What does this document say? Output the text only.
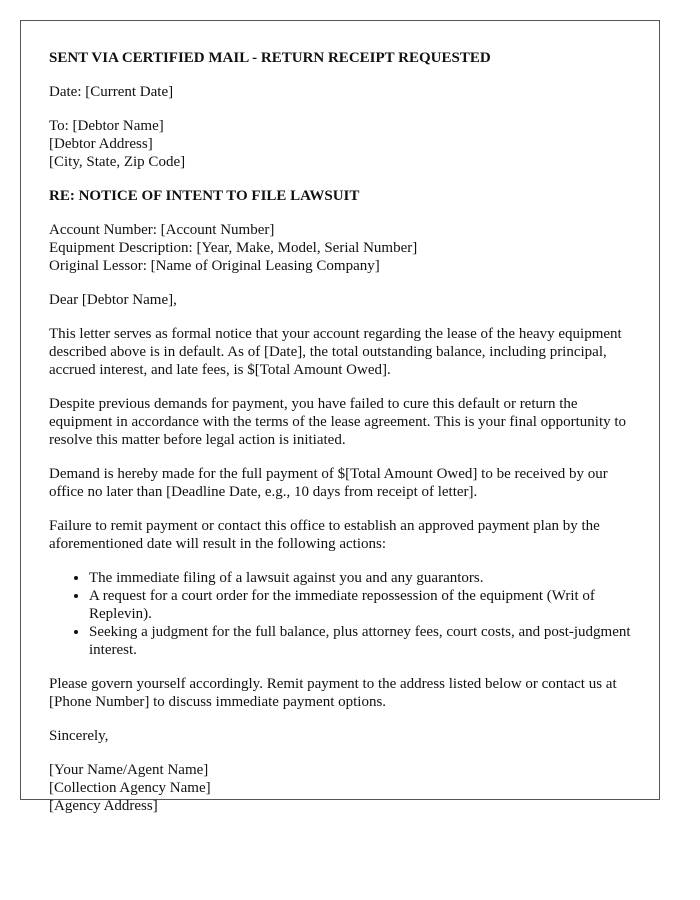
SENT VIA CERTIFIED MAIL - RETURN RECEIPT REQUESTED
Date: [Current Date]
To: [Debtor Name]
[Debtor Address]
[City, State, Zip Code]
RE: NOTICE OF INTENT TO FILE LAWSUIT
Account Number: [Account Number]
Equipment Description: [Year, Make, Model, Serial Number]
Original Lessor: [Name of Original Leasing Company]
Dear [Debtor Name],
This letter serves as formal notice that your account regarding the lease of the heavy equipment described above is in default. As of [Date], the total outstanding balance, including principal, accrued interest, and late fees, is $[Total Amount Owed].
Despite previous demands for payment, you have failed to cure this default or return the equipment in accordance with the terms of the lease agreement. This is your final opportunity to resolve this matter before legal action is initiated.
Demand is hereby made for the full payment of $[Total Amount Owed] to be received by our office no later than [Deadline Date, e.g., 10 days from receipt of letter].
Failure to remit payment or contact this office to establish an approved payment plan by the aforementioned date will result in the following actions:
• The immediate filing of a lawsuit against you and any guarantors.
• A request for a court order for the immediate repossession of the equipment (Writ of Replevin).
• Seeking a judgment for the full balance, plus attorney fees, court costs, and post-judgment interest.
Please govern yourself accordingly. Remit payment to the address listed below or contact us at [Phone Number] to discuss immediate payment options.
Sincerely,
[Your Name/Agent Name]
[Collection Agency Name]
[Agency Address]
